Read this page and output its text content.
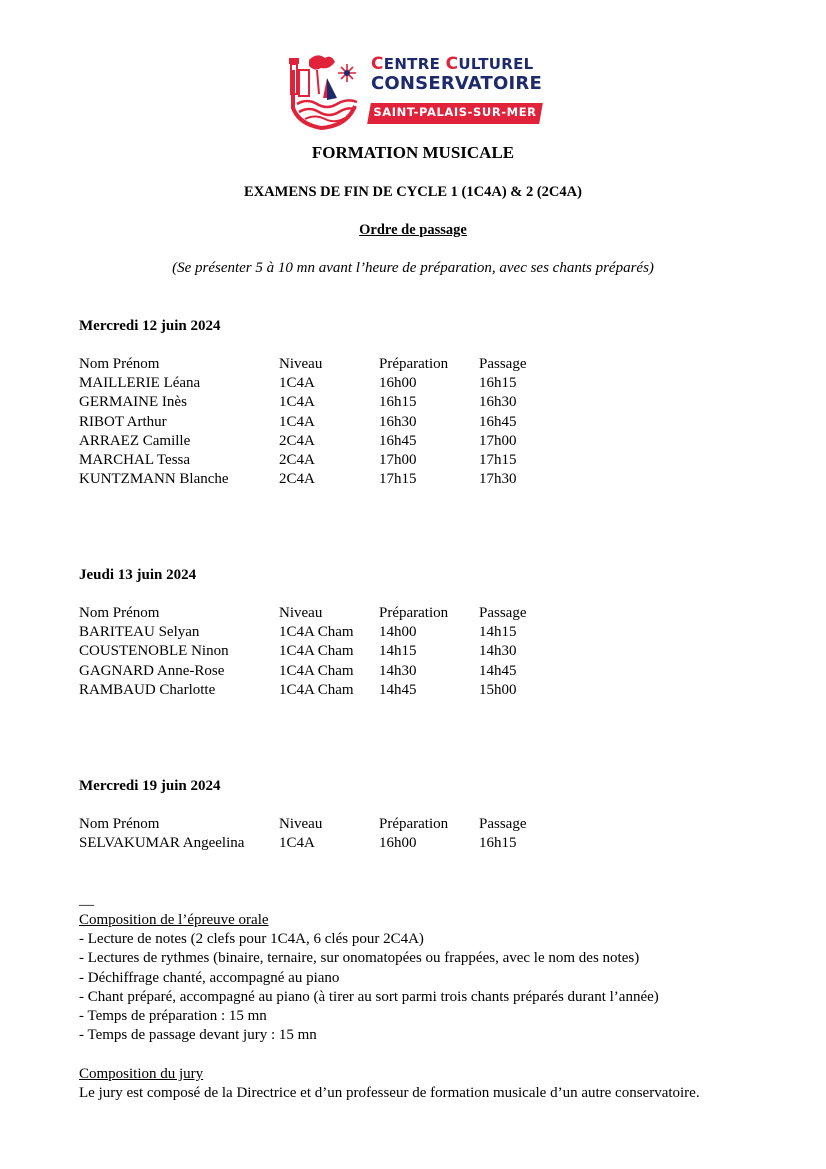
CENTRE CULTUREL
CONSERVATOIRE
SAINT-PALAIS-SUR-MER
FORMATION MUSICALE
EXAMENS DE FIN DE CYCLE 1 (1C4A) & 2 (2C4A)
Ordre de passage
(Se présenter 5 à 10 mn avant l’heure de préparation, avec ses chants préparés)
Mercredi 12 juin 2024
Nom Prénom	Niveau	Préparation Passage
MAILLERIE Léana	1C4A	16h00	16h15
GERMAINE Inès	1C4A	16h15	16h30
RIBOT Arthur	1C4A	16h30	16h45
ARRAEZ Camille	2C4A	16h45	17h00
MARCHAL Tessa	2C4A	17h00	17h15
KUNTZMANN Blanche	2C4A	17h15	17h30
Jeudi 13 juin 2024
Nom Prénom	Niveau	Préparation Passage
BARITEAU Selyan	1C4A Cham 14h00	14h15
COUSTENOBLE Ninon	1C4A Cham 14h15	14h30
GAGNARD Anne-Rose	1C4A Cham 14h30	14h45
RAMBAUD Charlotte	1C4A Cham 14h45	15h00
Mercredi 19 juin 2024
Nom Prénom	Niveau	Préparation Passage
SELVAKUMAR Angeelina 1C4A	16h00	16h15
—
Composition de l’épreuve orale
- Lecture de notes (2 clefs pour 1C4A, 6 clés pour 2C4A)
- Lectures de rythmes (binaire, ternaire, sur onomatopées ou frappées, avec le nom des notes)
- Déchiffrage chanté, accompagné au piano
- Chant préparé, accompagné au piano (à tirer au sort parmi trois chants préparés durant l’année)
- Temps de préparation : 15 mn
- Temps de passage devant jury : 15 mn
Composition du jury
Le jury est composé de la Directrice et d’un professeur de formation musicale d’un autre conservatoire.
